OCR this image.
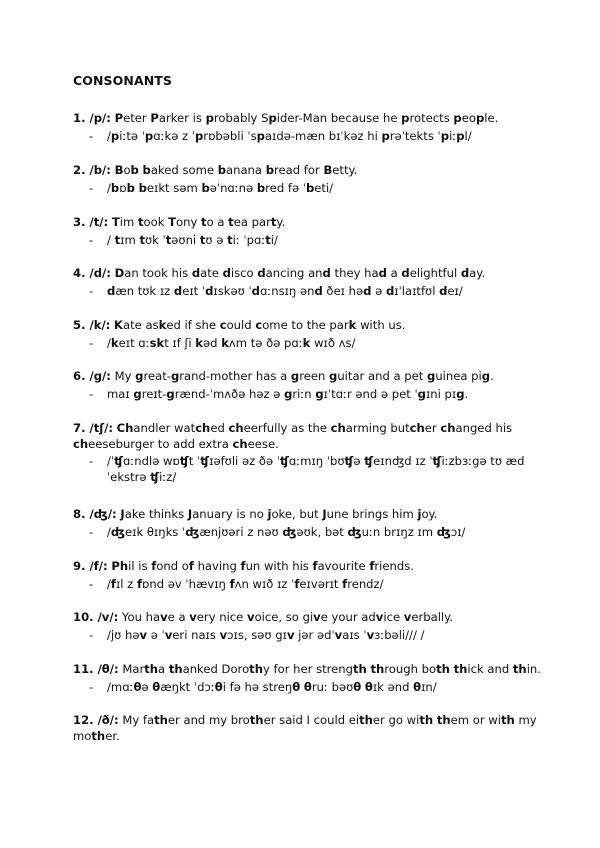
CONSONANTS
1. /p/: Peter Parker is probably Spider-Man because he protects people.
- /piːtə ˈpɑːkə z ˈprɒbəbli ˈspaɪdə-mæn bɪˈkəz hi prəˈtekts ˈpiːpl/
2. /b/: Bob baked some banana bread for Betty.
- /bɒb beɪkt səm bəˈnɑːnə bred fə ˈbeti/
3. /t/: Tim took Tony to a tea party.
- / tɪm tʊk ˈtəʊni tʊ ə tiː ˈpɑːti/
4. /d/: Dan took his date disco dancing and they had a delightful day.
- dæn tʊk ɪz deɪt ˈdɪskəʊ ˈdɑːnsɪŋ ənd ðeɪ həd ə dɪˈlaɪtfʊl deɪ/
5. /k/: Kate asked if she could come to the park with us.
- /keɪt ɑːskt ɪf ʃi kəd kʌm tə ðə pɑːk wɪð ʌs/
6. /g/: My great-grand-mother has a green guitar and a pet guinea pig.
- maɪ greɪt-grænd-ˈmʌðə həz ə griːn gɪˈtɑːr ənd ə pet ˈgɪni pɪg.
7. /tʃ/: Chandler watched cheerfully as the charming butcher changed his cheeseburger to add extra cheese.
- /ˈʧɑːndlə wɒʧt ˈʧɪəfʊli əz ðə ˈʧɑːmɪŋ ˈbʊʧə ʧeɪnʤd ɪz ˈʧiːzbɜːgə tʊ æd ˈekstrə ʧiːz/
8. /ʤ/: Jake thinks January is no joke, but June brings him joy.
- /ʤeɪk θɪŋks ˈʤænjʊəri z nəʊ ʤəʊk, bət ʤuːn brɪŋz ɪm ʤɔɪ/
9. /f/: Phil is fond of having fun with his favourite friends.
- /fɪl z fɒnd əv ˈhævɪŋ fʌn wɪð ɪz ˈfeɪvərɪt frendz/
10. /v/: You have a very nice voice, so give your advice verbally.
- /jʊ həv ə ˈveri naɪs vɔɪs, səʊ gɪv jər ədˈvaɪs ˈvɜːbəli/// /
11. /θ/: Martha thanked Dorothy for her strength through both thick and thin.
- /mɑːθə θæŋkt ˈdɔːθi fə hə streŋθ θruː bəʊθ θɪk ənd θɪn/
12. /ð/: My father and my brother said I could either go with them or with my mother.
